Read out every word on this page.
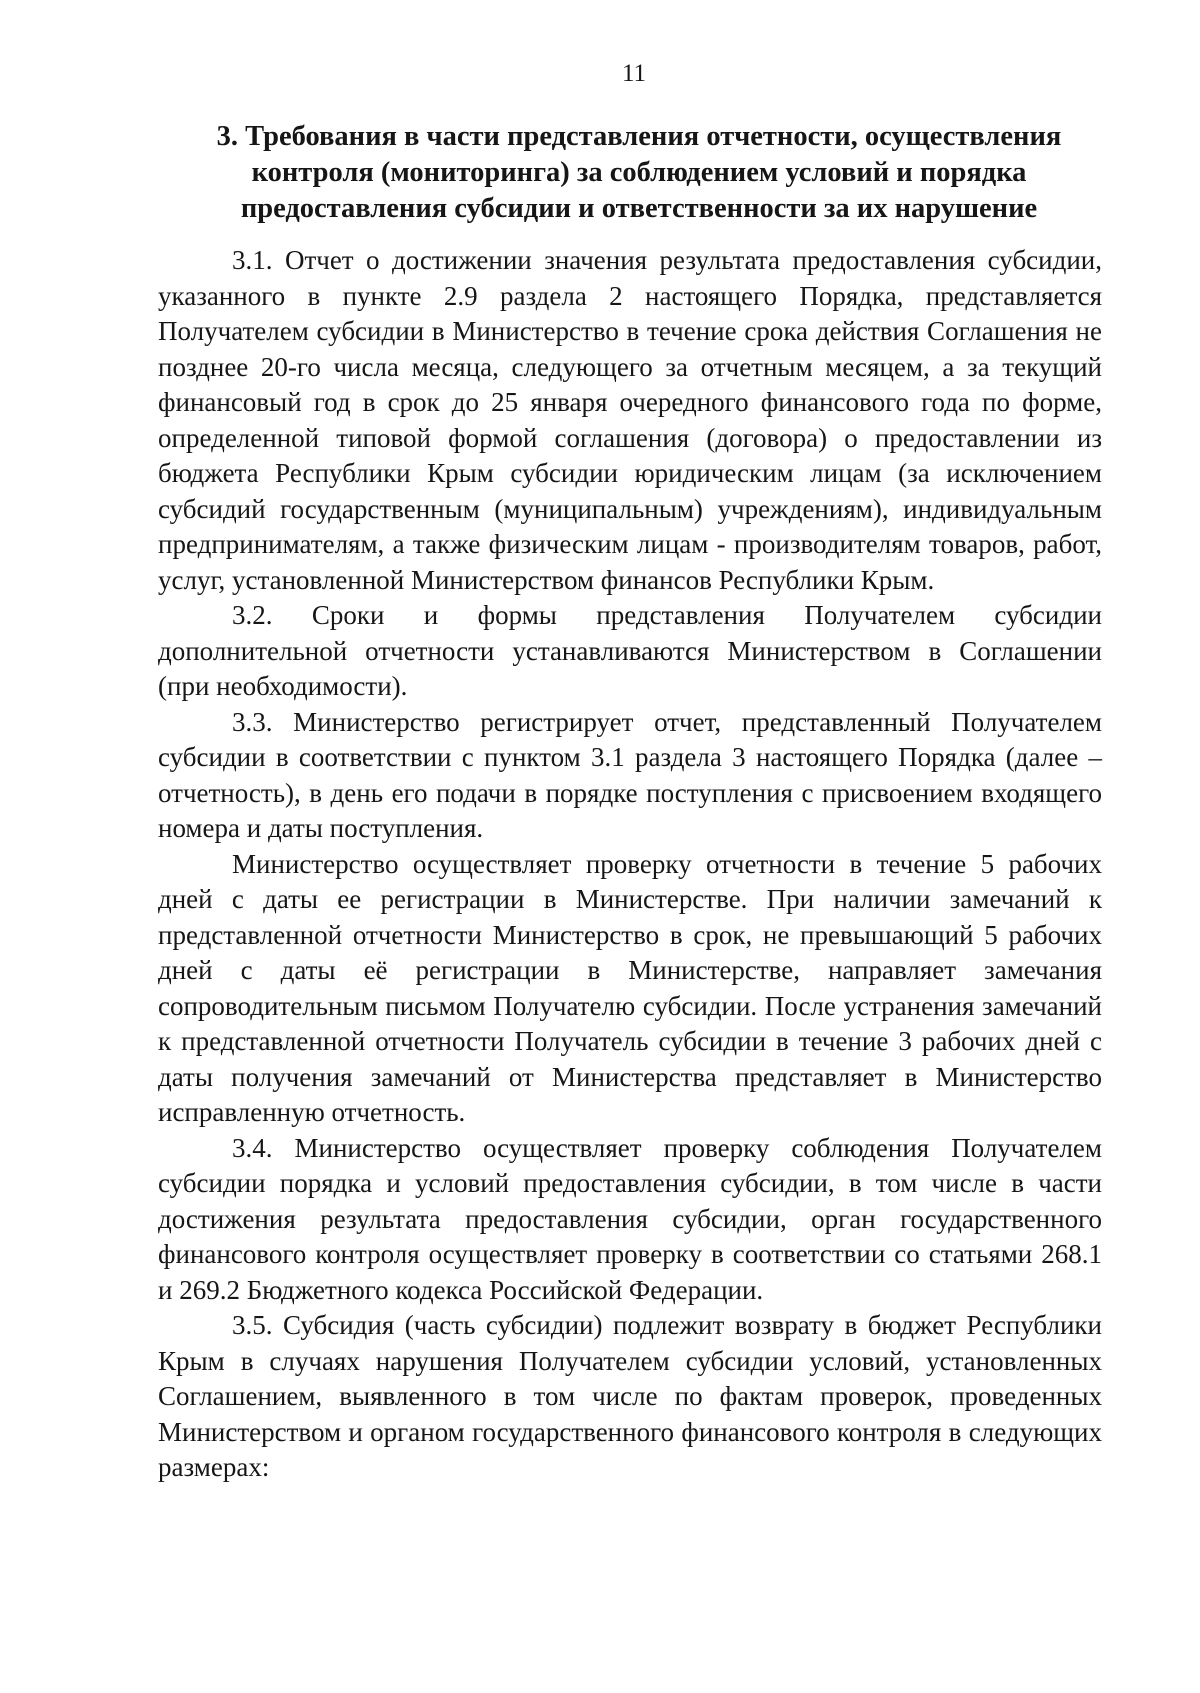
11
3. Требования в части представления отчетности, осуществления
контроля (мониторинга) за соблюдением условий и порядка
предоставления субсидии и ответственности за их нарушение

3.1. Отчет о достижении значения результата предоставления субсидии, указанного в пункте 2.9 раздела 2 настоящего Порядка, представляется Получателем субсидии в Министерство в течение срока действия Соглашения не позднее 20-го числа месяца, следующего за отчетным месяцем, а за текущий финансовый год в срок до 25 января очередного финансового года по форме, определенной типовой формой соглашения (договора) о предоставлении из бюджета Республики Крым субсидии юридическим лицам (за исключением субсидий государственным (муниципальным) учреждениям), индивидуальным предпринимателям, а также физическим лицам - производителям товаров, работ, услуг, установленной Министерством финансов Республики Крым.

3.2. Сроки и формы представления Получателем субсидии дополнительной отчетности устанавливаются Министерством в Соглашении (при необходимости).

3.3. Министерство регистрирует отчет, представленный Получателем субсидии в соответствии с пунктом 3.1 раздела 3 настоящего Порядка (далее – отчетность), в день его подачи в порядке поступления с присвоением входящего номера и даты поступления.

Министерство осуществляет проверку отчетности в течение 5 рабочих дней с даты ее регистрации в Министерстве. При наличии замечаний к представленной отчетности Министерство в срок, не превышающий 5 рабочих дней с даты её регистрации в Министерстве, направляет замечания сопроводительным письмом Получателю субсидии. После устранения замечаний к представленной отчетности Получатель субсидии в течение 3 рабочих дней с даты получения замечаний от Министерства представляет в Министерство исправленную отчетность.

3.4. Министерство осуществляет проверку соблюдения Получателем субсидии порядка и условий предоставления субсидии, в том числе в части достижения результата предоставления субсидии, орган государственного финансового контроля осуществляет проверку в соответствии со статьями 268.1 и 269.2 Бюджетного кодекса Российской Федерации.

3.5. Субсидия (часть субсидии) подлежит возврату в бюджет Республики Крым в случаях нарушения Получателем субсидии условий, установленных Соглашением, выявленного в том числе по фактам проверок, проведенных Министерством и органом государственного финансового контроля в следующих размерах:
